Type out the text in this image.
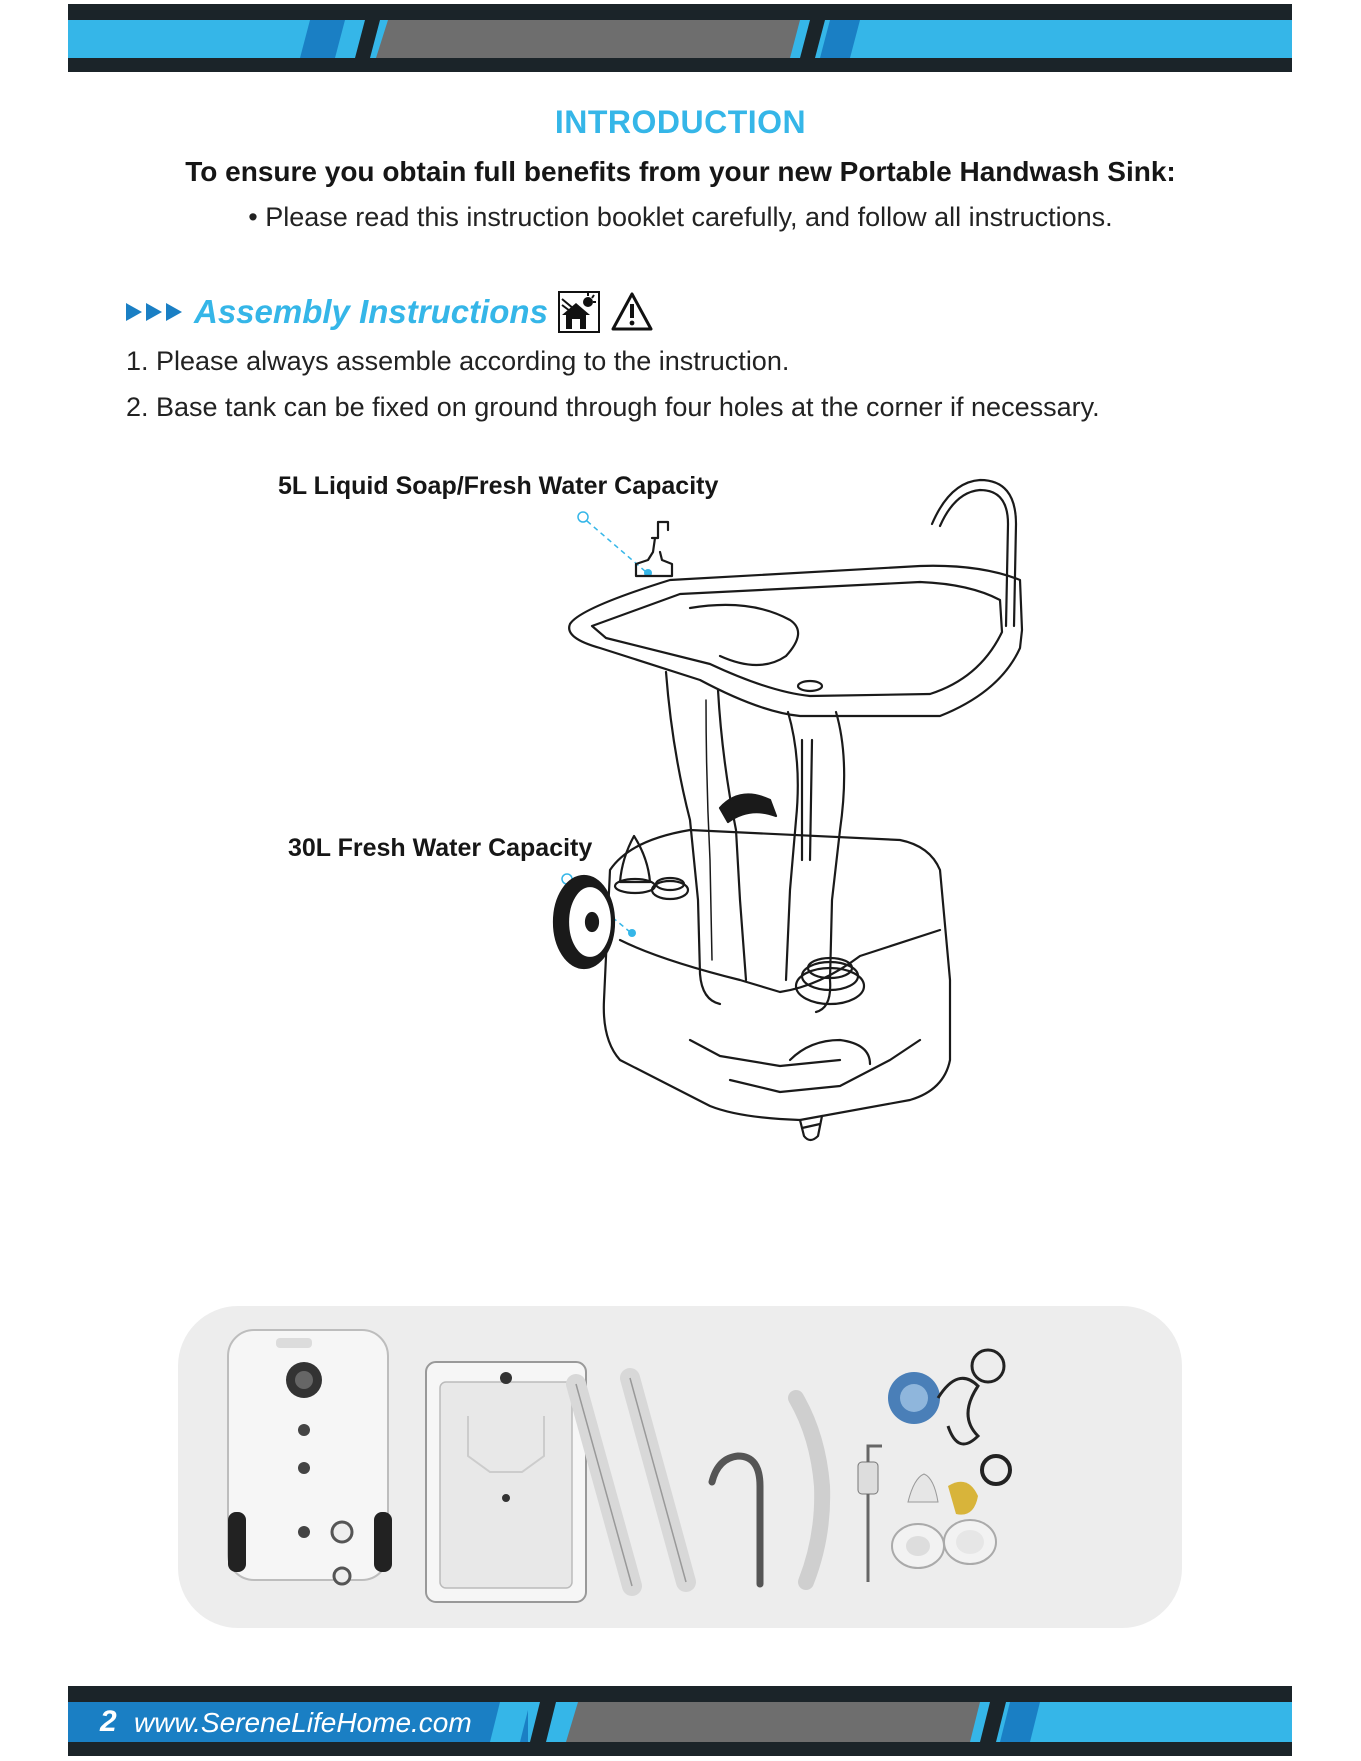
INTRODUCTION
To ensure you obtain full benefits from your new Portable Handwash Sink:
• Please read this instruction booklet carefully, and follow all instructions.
Assembly Instructions
1. Please always assemble according to the instruction.
2. Base tank can be fixed on ground through four holes at the corner if necessary.
5L Liquid Soap/Fresh Water Capacity
30L Fresh Water Capacity
2 www.SereneLifeHome.com
